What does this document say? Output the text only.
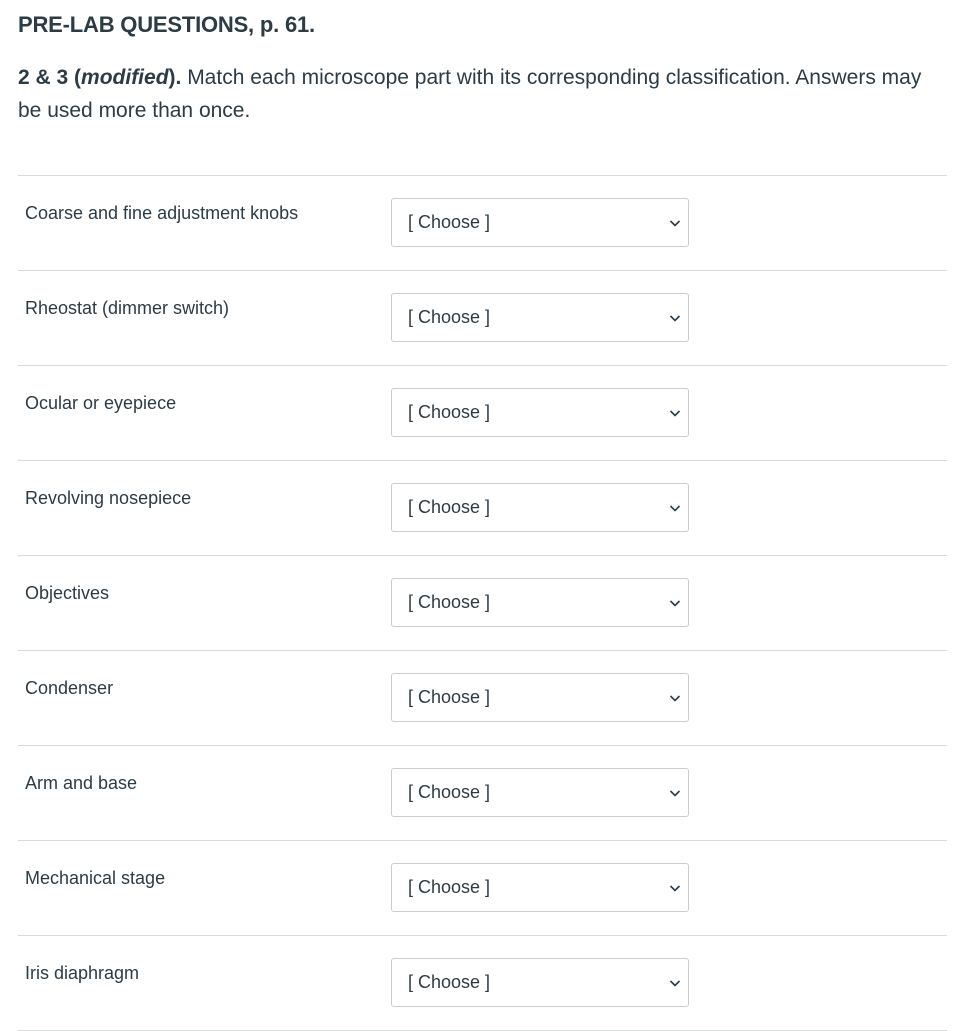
PRE-LAB QUESTIONS, p. 61.

2 & 3 (modified). Match each microscope part with its corresponding classification. Answers may be used more than once.

Coarse and fine adjustment knobs	[ Choose ]
Rheostat (dimmer switch)	[ Choose ]
Ocular or eyepiece	[ Choose ]
Revolving nosepiece	[ Choose ]
Objectives	[ Choose ]
Condenser	[ Choose ]
Arm and base	[ Choose ]
Mechanical stage	[ Choose ]
Iris diaphragm	[ Choose ]
